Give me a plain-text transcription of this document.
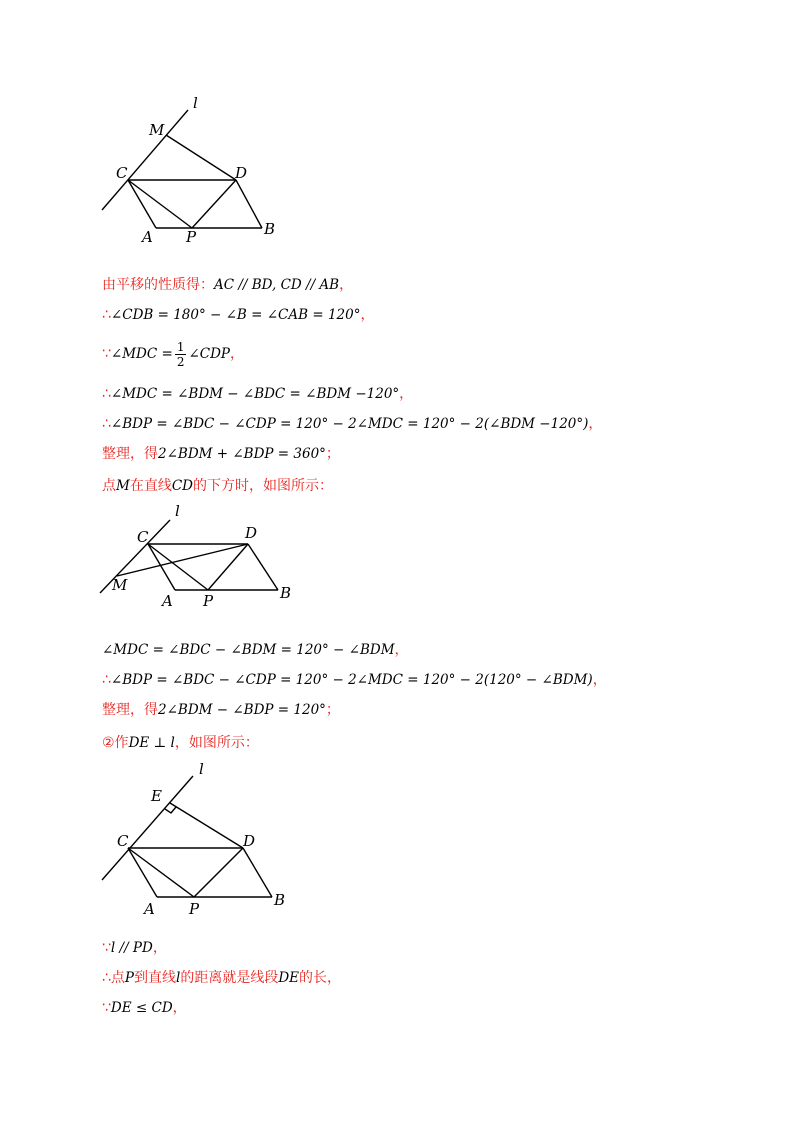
l
M
C	D
A P	B
由平移的性质得：AC // BD, CD // AB，
∴∠CDB = 180° − ∠B = ∠CAB = 120°，
∵∠MDC = $\frac{1}{2}$ ∠CDP，
∴∠MDC = ∠BDM − ∠BDC = ∠BDM −120°，
∴∠BDP = ∠BDC − ∠CDP = 120° − 2∠MDC = 120° − 2(∠BDM −120°)，
整理，得2∠BDM + ∠BDP = 360°；
点M在直线CD的下方时，如图所示：
l
C	D
M
A P	B
∠MDC = ∠BDC − ∠BDM = 120° − ∠BDM，
∴∠BDP = ∠BDC − ∠CDP = 120° − 2∠MDC = 120° − 2(120° − ∠BDM)，
整理，得2∠BDM − ∠BDP = 120°；
②作DE ⊥ l，如图所示：
l
E
C	D
A P	B
∵l // PD，
∴点P到直线l的距离就是线段DE的长，
∵DE ≤ CD，
